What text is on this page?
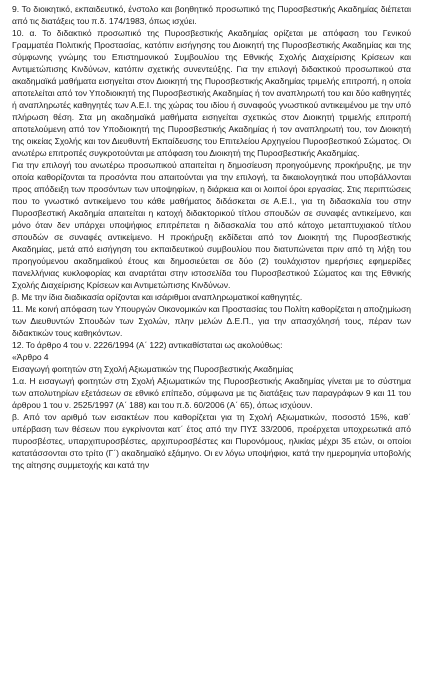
9. Το διοικητικό, εκπαιδευτικό, ένστολο και βοηθητικό προσωπικό της Πυροσβεστικής Ακαδημίας διέπεται από τις διατάξεις του π.δ. 174/1983, όπως ισχύει.

10. α. Το διδακτικό προσωπικό της Πυροσβεστικής Ακαδημίας ορίζεται με απόφαση του Γενικού Γραμματέα Πολιτικής Προστασίας, κατόπιν εισήγησης του Διοικητή της Πυροσβεστικής Ακαδημίας και της σύμφωνης γνώμης του Επιστημονικού Συμβουλίου της Εθνικής Σχολής Διαχείρισης Κρίσεων και Αντιμετώπισης Κινδύνων, κατόπιν σχετικής συνεντεύξης. Για την επιλογή διδακτικού προσωπικού στα ακαδημαϊκά μαθήματα εισηγείται στον Διοικητή της Πυροσβεστικής Ακαδημίας τριμελής επιτροπή, η οποία αποτελείται από τον Υποδιοικητή της Πυροσβεστικής Ακαδημίας ή τον αναπληρωτή του και δύο καθηγητές ή αναπληρωτές καθηγητές των Α.Ε.Ι. της χώρας του ιδίου ή συναφούς γνωστικού αντικειμένου με την υπό πλήρωση θέση. Στα μη ακαδημαϊκά μαθήματα εισηγείται σχετικώς στον Διοικητή τριμελής επιτροπή αποτελούμενη από τον Υποδιοικητή της Πυροσβεστικής Ακαδημίας ή τον αναπληρωτή του, τον Διοικητή της οικείας Σχολής και τον Διευθυντή Εκπαίδευσης του Επιτελείου Αρχηγείου Πυροσβεστικού Σώματος. Οι ανωτέρω επιτροπές συγκροτούνται με απόφαση του Διοικητή της Πυροσβεστικής Ακαδημίας.

Για την επιλογή του ανωτέρω προσωπικού απαιτείται η δημοσίευση προηγούμενης προκήρυξης, με την οποία καθορίζονται τα προσόντα που απαιτούνται για την επιλογή, τα δικαιολογητικά που υποβάλλονται προς απόδειξη των προσόντων των υποψηφίων, η διάρκεια και οι λοιποί όροι εργασίας. Στις περιπτώσεις που το γνωστικό αντικείμενο του κάθε μαθήματος διδάσκεται σε Α.Ε.Ι., για τη διδασκαλία του στην Πυροσβεστική Ακαδημία απαιτείται η κατοχή διδακτορικού τίτλου σπουδών σε συναφές αντικείμενο, και μόνο όταν δεν υπάρχει υποψήφιος επιτρέπεται η διδασκαλία του από κάτοχο μεταπτυχιακού τίτλου σπουδών σε συναφές αντικείμενο. Η προκήρυξη εκδίδεται από τον Διοικητή της Πυροσβεστικής Ακαδημίας, μετά από εισήγηση του εκπαιδευτικού συμβουλίου που διατυπώνεται πριν από τη λήξη του προηγούμενου ακαδημαϊκού έτους και δημοσιεύεται σε δύο (2) τουλάχιστον ημερήσιες εφημερίδες πανελλήνιας κυκλοφορίας και αναρτάται στην ιστοσελίδα του Πυροσβεστικού Σώματος και της Εθνικής Σχολής Διαχείρισης Κρίσεων και Αντιμετώπισης Κινδύνων.

β. Με την ίδια διαδικασία ορίζονται και ισάριθμοι αναπληρωματικοί καθηγητές.

11. Με κοινή απόφαση των Υπουργών Οικονομικών και Προστασίας του Πολίτη καθορίζεται η αποζημίωση των Διευθυντών Σπουδών των Σχολών, πλην μελών Δ.Ε.Π., για την απασχόλησή τους, πέραν των διδακτικών τους καθηκόντων.

12. Το άρθρο 4 του ν. 2226/1994 (Α΄ 122) αντικαθίσταται ως ακολούθως:

«Άρθρο 4

Εισαγωγή φοιτητών στη Σχολή Αξιωματικών της Πυροσβεστικής Ακαδημίας

1.α. Η εισαγωγή φοιτητών στη Σχολή Αξιωματικών της Πυροσβεστικής Ακαδημίας γίνεται με το σύστημα των απολυτηρίων εξετάσεων σε εθνικό επίπεδο, σύμφωνα με τις διατάξεις των παραγράφων 9 και 11 του άρθρου 1 του ν. 2525/1997 (Α΄ 188) και του π.δ. 60/2006 (Α΄ 65), όπως ισχύουν.

β. Από τον αριθμό των εισακτέων που καθορίζεται για τη Σχολή Αξιωματικών, ποσοστό 15%, καθ΄ υπέρβαση των θέσεων που εγκρίνονται κατ΄ έτος από την ΠΥΣ 33/2006, προέρχεται υποχρεωτικά από πυροσβέστες, υπαρχιπυροσβέστες, αρχιπυροσβέστες και Πυρονόμους, ηλικίας μέχρι 35 ετών, οι οποίοι κατατάσσονται στο τρίτο (Γ΄) ακαδημαϊκό εξάμηνο. Οι εν λόγω υποψήφιοι, κατά την ημερομηνία υποβολής της αίτησης συμμετοχής και κατά την
